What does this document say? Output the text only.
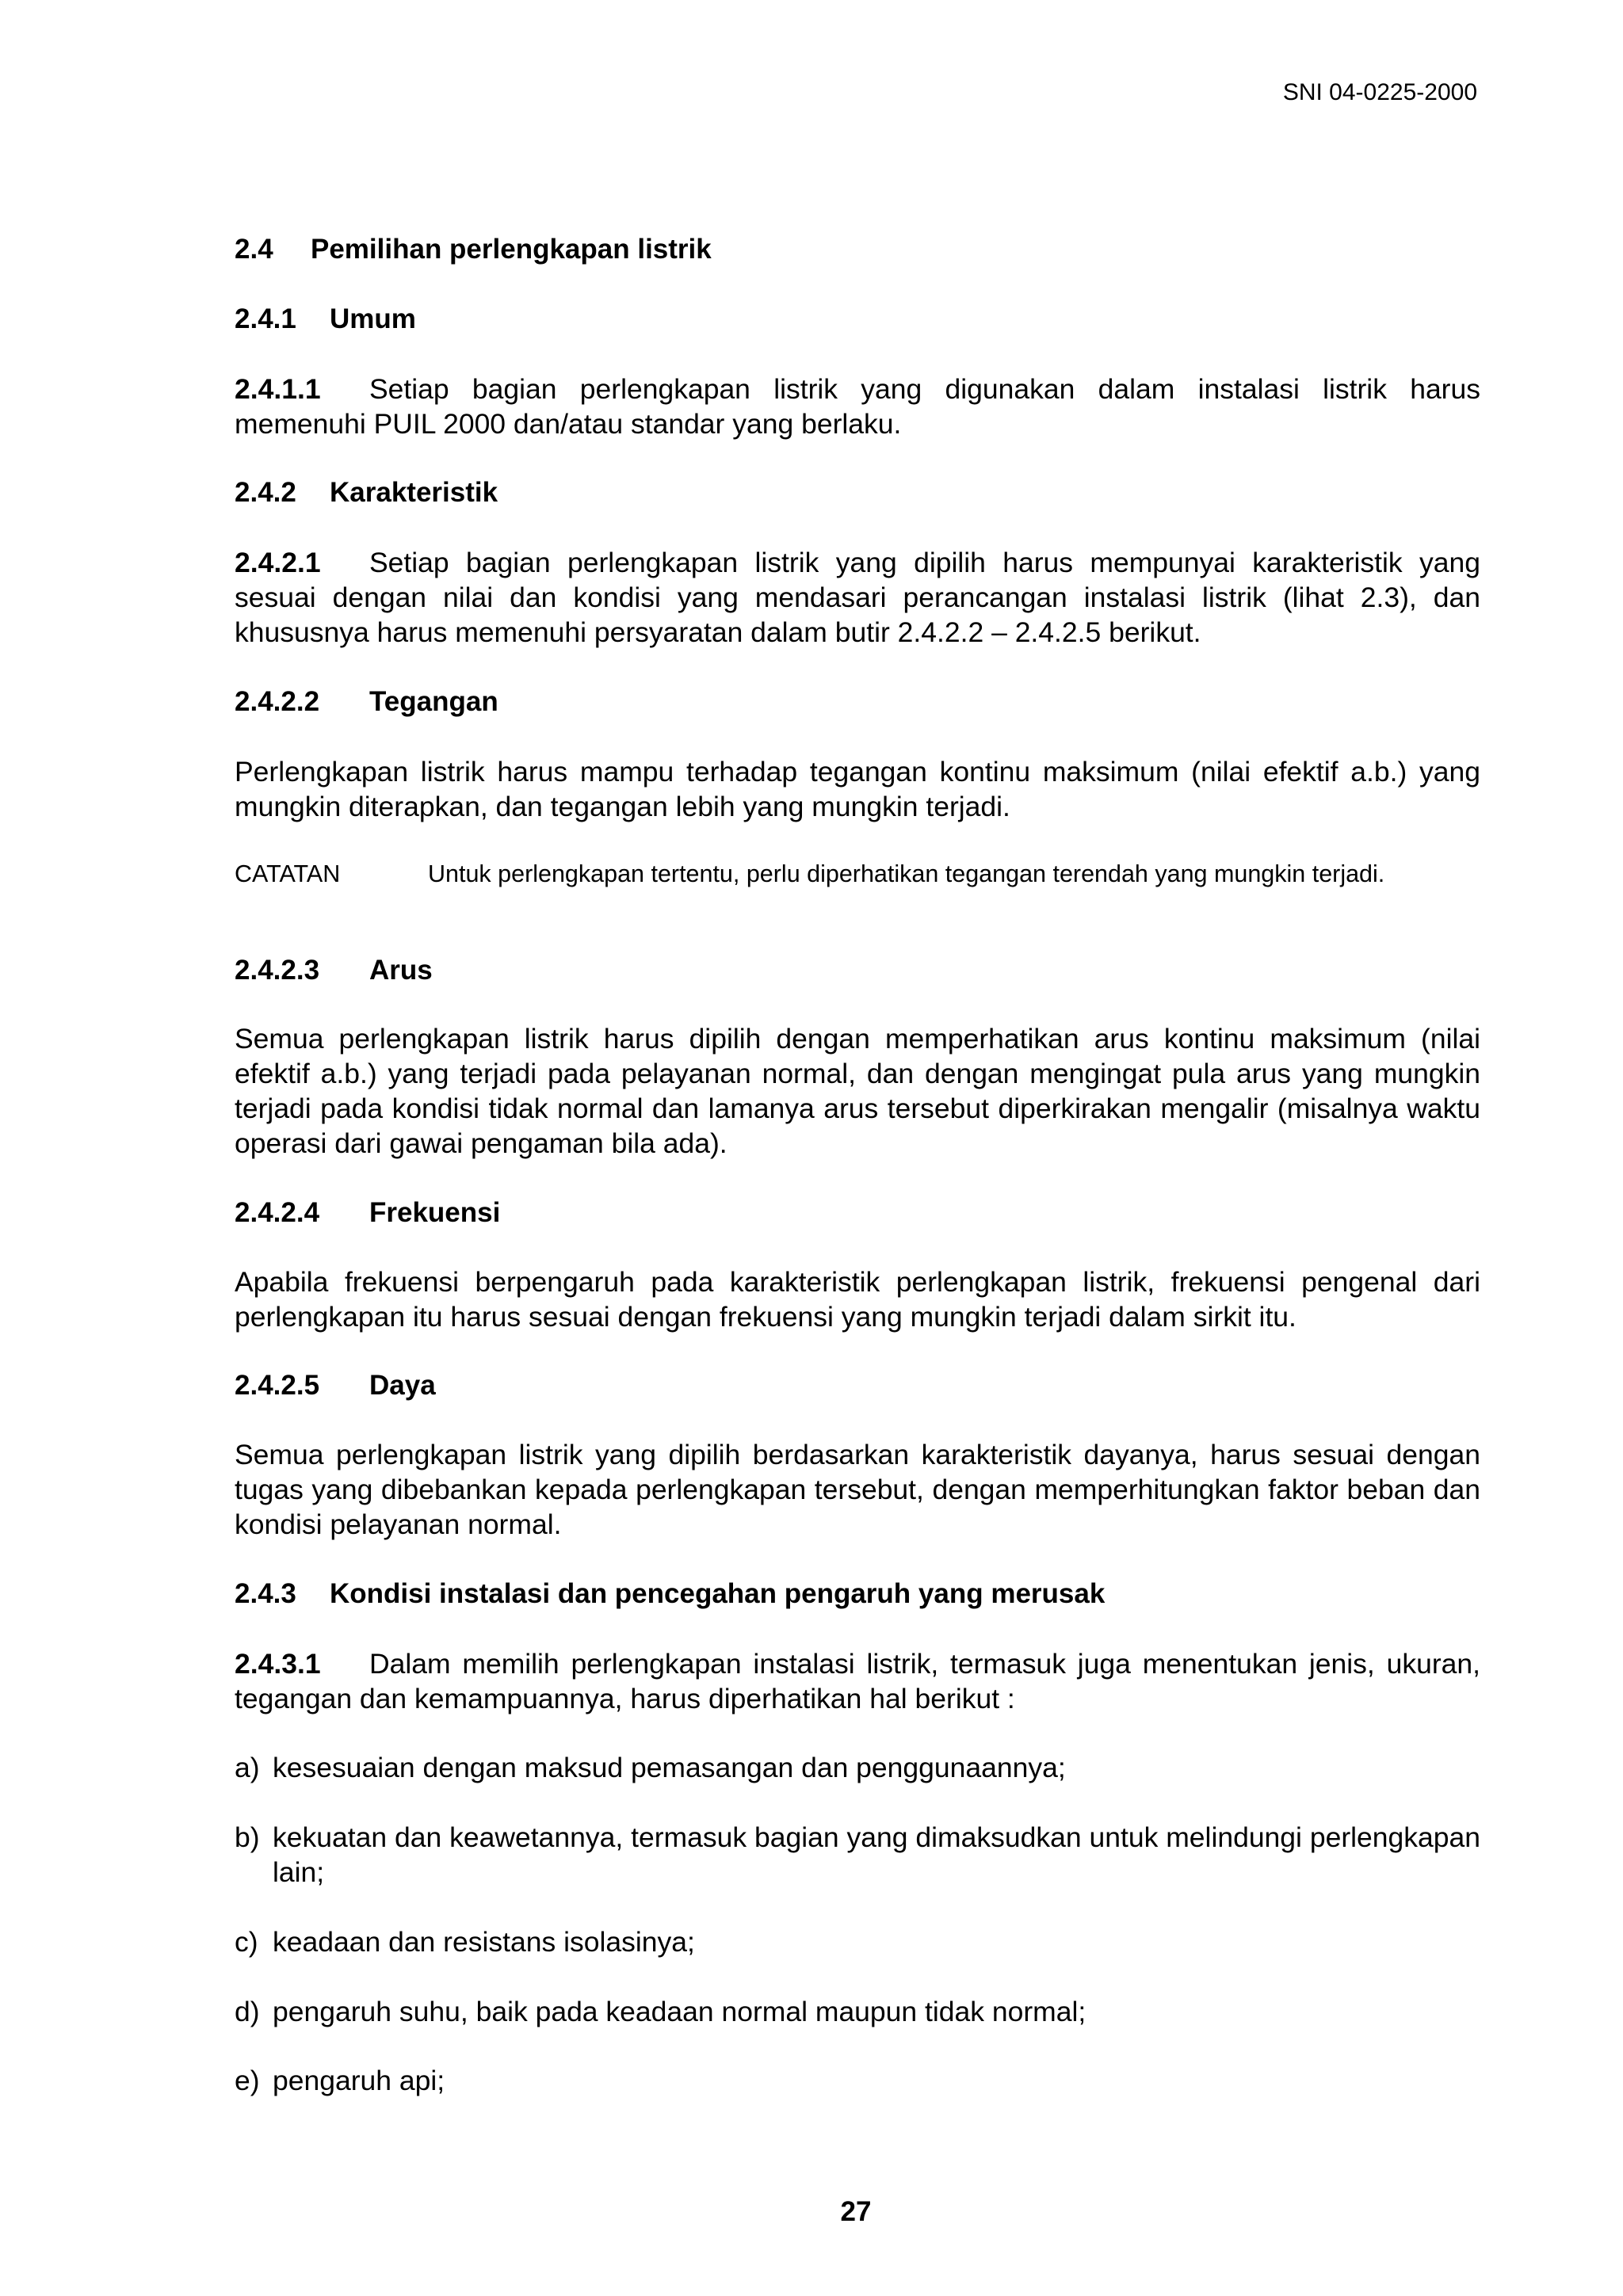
SNI 04-0225-2000
2.4 Pemilihan perlengkapan listrik
2.4.1 Umum
2.4.1.1 Setiap bagian perlengkapan listrik yang digunakan dalam instalasi listrik harus memenuhi PUIL 2000 dan/atau standar yang berlaku.
2.4.2 Karakteristik
2.4.2.1 Setiap bagian perlengkapan listrik yang dipilih harus mempunyai karakteristik yang sesuai dengan nilai dan kondisi yang mendasari perancangan instalasi listrik (lihat 2.3), dan khususnya harus memenuhi persyaratan dalam butir 2.4.2.2 – 2.4.2.5 berikut.
2.4.2.2 Tegangan
Perlengkapan listrik harus mampu terhadap tegangan kontinu maksimum (nilai efektif a.b.) yang mungkin diterapkan, dan tegangan lebih yang mungkin terjadi.
CATATAN	Untuk perlengkapan tertentu, perlu diperhatikan tegangan terendah yang mungkin terjadi.
2.4.2.3 Arus
Semua perlengkapan listrik harus dipilih dengan memperhatikan arus kontinu maksimum (nilai efektif a.b.) yang terjadi pada pelayanan normal, dan dengan mengingat pula arus yang mungkin terjadi pada kondisi tidak normal dan lamanya arus tersebut diperkirakan mengalir (misalnya waktu operasi dari gawai pengaman bila ada).
2.4.2.4 Frekuensi
Apabila frekuensi berpengaruh pada karakteristik perlengkapan listrik, frekuensi pengenal dari perlengkapan itu harus sesuai dengan frekuensi yang mungkin terjadi dalam sirkit itu.
2.4.2.5 Daya
Semua perlengkapan listrik yang dipilih berdasarkan karakteristik dayanya, harus sesuai dengan tugas yang dibebankan kepada perlengkapan tersebut, dengan memperhitungkan faktor beban dan kondisi pelayanan normal.
2.4.3 Kondisi instalasi dan pencegahan pengaruh yang merusak
2.4.3.1 Dalam memilih perlengkapan instalasi listrik, termasuk juga menentukan jenis, ukuran, tegangan dan kemampuannya, harus diperhatikan hal berikut :
a) kesesuaian dengan maksud pemasangan dan penggunaannya;
b) kekuatan dan keawetannya, termasuk bagian yang dimaksudkan untuk melindungi perlengkapan lain;
c) keadaan dan resistans isolasinya;
d) pengaruh suhu, baik pada keadaan normal maupun tidak normal;
e) pengaruh api;
27
